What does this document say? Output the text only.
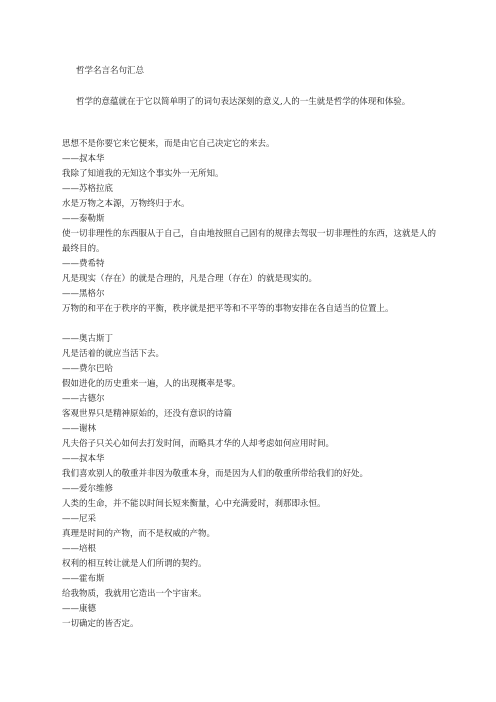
哲学名言名句汇总
哲学的意蕴就在于它以简单明了的词句表达深刻的意义,人的一生就是哲学的体现和体验。
思想不是你要它来它便来，而是由它自己决定它的来去。
——叔本华
我除了知道我的无知这个事实外一无所知。
——苏格拉底
水是万物之本源，万物终归于水。
——泰勒斯
使一切非理性的东西服从于自己，自由地按照自己固有的规律去驾驭一切非理性的东西，这就是人的最终目的。
——费希特
凡是现实（存在）的就是合理的，凡是合理（存在）的就是现实的。
——黑格尔
万物的和平在于秩序的平衡，秩序就是把平等和不平等的事物安排在各自适当的位置上。
——奥古斯丁
凡是活着的就应当活下去。
——费尔巴哈
假如进化的历史重来一遍，人的出现概率是零。
——古德尔
客观世界只是精神原始的，还没有意识的诗篇
——谢林
凡夫俗子只关心如何去打发时间，而略具才华的人却考虑如何应用时间。
——叔本华
我们喜欢别人的敬重并非因为敬重本身，而是因为人们的敬重所带给我们的好处。
——爱尔维修
人类的生命，并不能以时间长短来衡量，心中充满爱时，刹那即永恒。
——尼采
真理是时间的产物，而不是权威的产物。
——培根
权利的相互转让就是人们所谓的契约。
——霍布斯
给我物质，我就用它造出一个宇宙来。
——康德
一切确定的皆否定。
